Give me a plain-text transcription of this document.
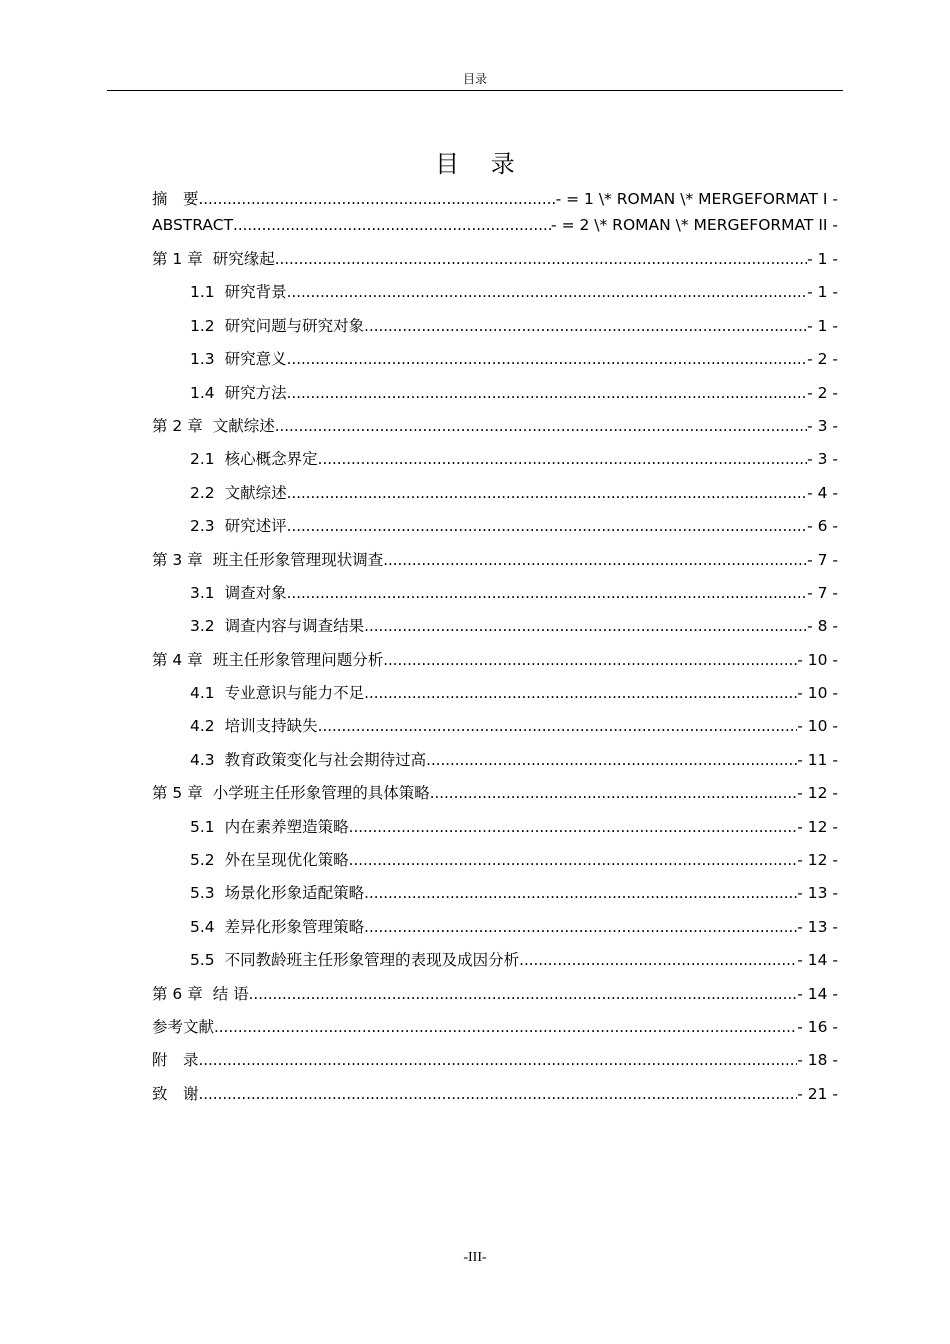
目录
目 录
摘　要 .....	- = 1 \* ROMAN \* MERGEFORMAT I -
ABSTRACT .....	- = 2 \* ROMAN \* MERGEFORMAT II -
第 1 章 研究缘起 .....	- 1 -
1.1 研究背景 .....	- 1 -
1.2 研究问题与研究对象 .....	- 1 -
1.3 研究意义 .....	- 2 -
1.4 研究方法 .....	- 2 -
第 2 章 文献综述 .....	- 3 -
2.1 核心概念界定 .....	- 3 -
2.2 文献综述 .....	- 4 -
2.3 研究述评 .....	- 6 -
第 3 章 班主任形象管理现状调查 .....	- 7 -
3.1 调查对象 .....	- 7 -
3.2 调查内容与调查结果 .....	- 8 -
第 4 章 班主任形象管理问题分析 .....	- 10 -
4.1 专业意识与能力不足 .....	- 10 -
4.2 培训支持缺失 .....	- 10 -
4.3 教育政策变化与社会期待过高 .....	- 11 -
第 5 章 小学班主任形象管理的具体策略 .....	- 12 -
5.1 内在素养塑造策略 .....	- 12 -
5.2 外在呈现优化策略 .....	- 12 -
5.3 场景化形象适配策略 .....	- 13 -
5.4 差异化形象管理策略 .....	- 13 -
5.5 不同教龄班主任形象管理的表现及成因分析 .....	- 14 -
第 6 章 结 语 .....	- 14 -
参考文献 .....	- 16 -
附　录 .....	- 18 -
致　谢 .....	- 21 -
-III-
